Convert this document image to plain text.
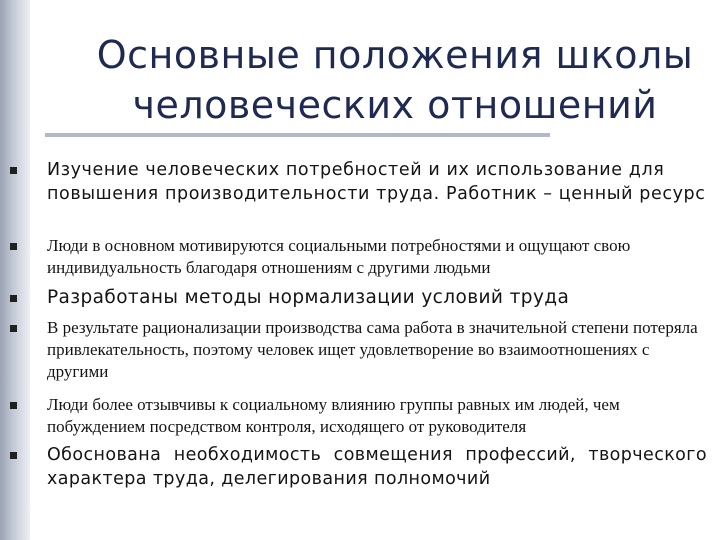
Основные положения школы
человеческих отношений
Изучение человеческих потребностей и их использование для повышения производительности труда. Работник – ценный ресурс
Люди в основном мотивируются социальными потребностями и ощущают свою индивидуальность благодаря отношениям с другими людьми
Разработаны методы нормализации условий труда
В результате рационализации производства сама работа в значительной степени потеряла привлекательность, поэтому человек ищет удовлетворение во взаимоотношениях с другими
Люди более отзывчивы к социальному влиянию группы равных им людей, чем побуждением посредством контроля, исходящего от руководителя
Обоснована необходимость совмещения профессий, творческого характера труда, делегирования полномочий
